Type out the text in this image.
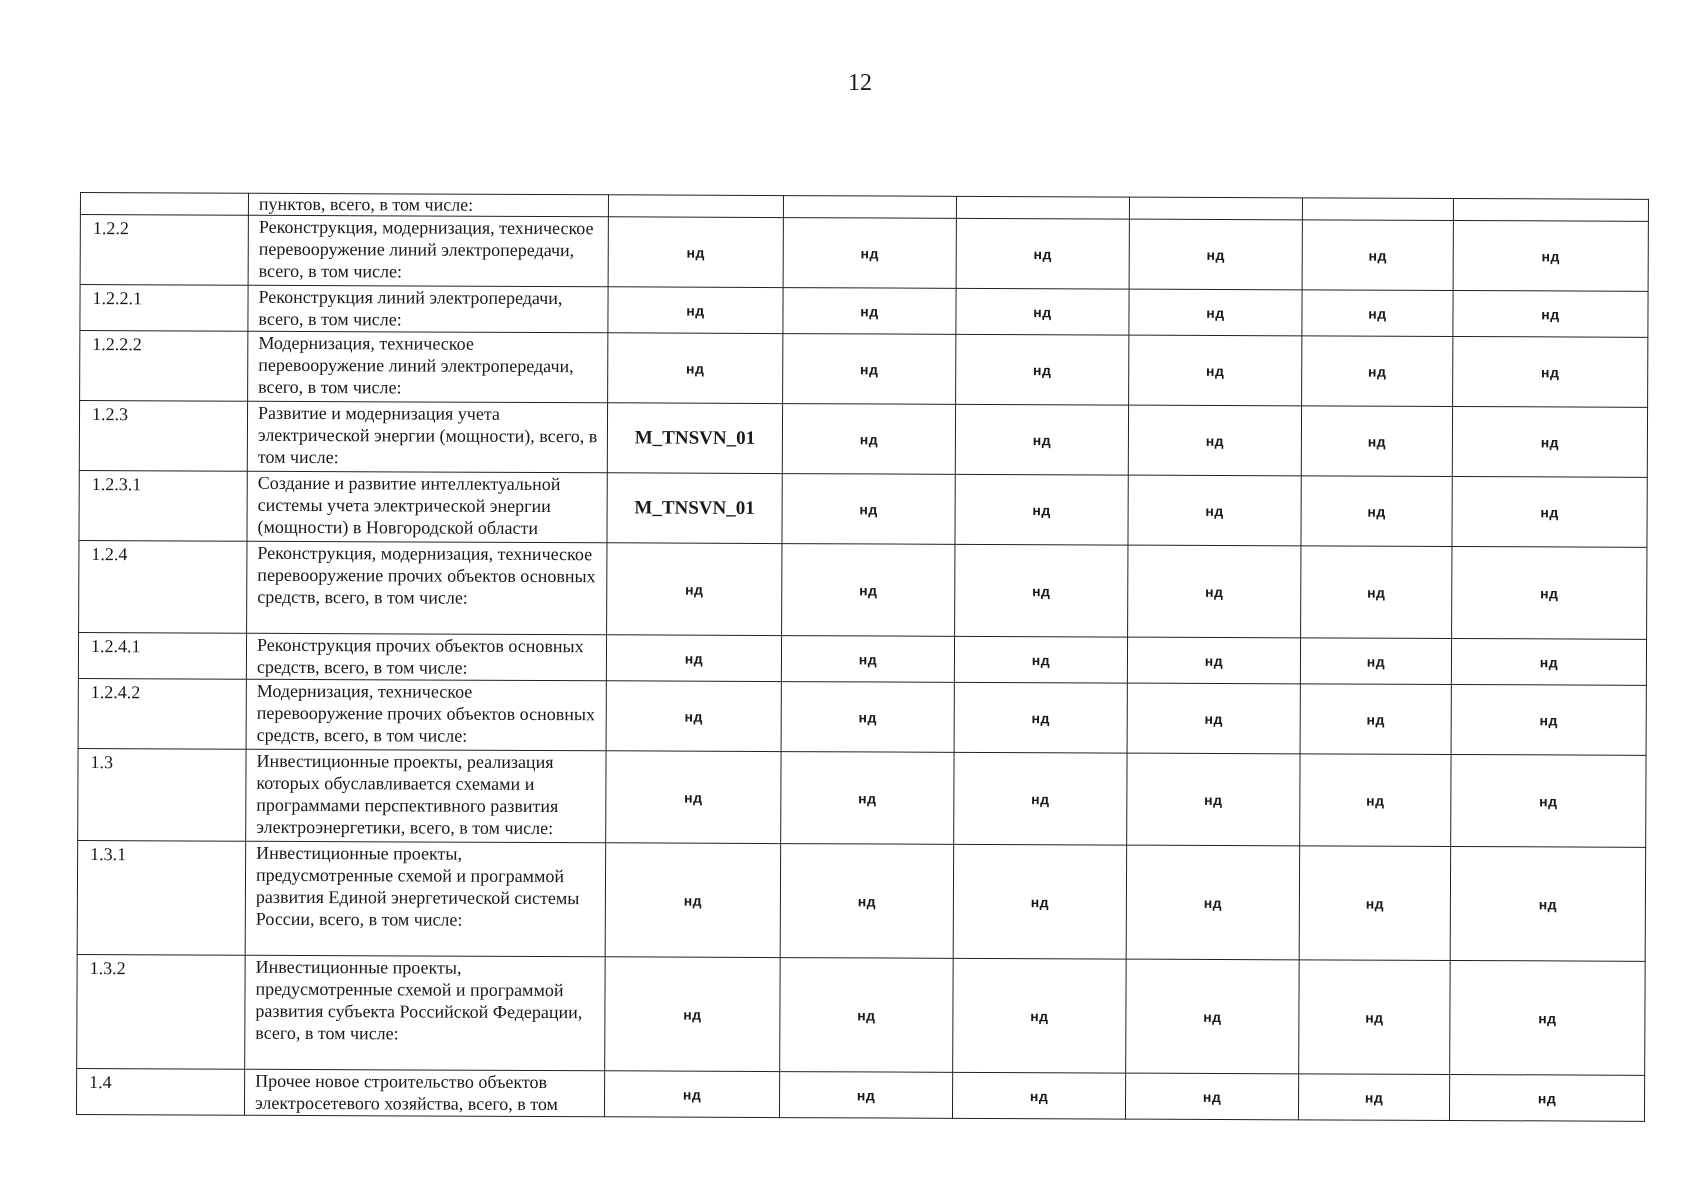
12
	пунктов, всего, в том числе:						
1.2.2	Реконструкция, модернизация, техническое перевооружение линий электропередачи, всего, в том числе:	нд	нд	нд	нд	нд	нд
1.2.2.1	Реконструкция линий электропередачи, всего, в том числе:	нд	нд	нд	нд	нд	нд
1.2.2.2	Модернизация, техническое перевооружение линий электропередачи, всего, в том числе:	нд	нд	нд	нд	нд	нд
1.2.3	Развитие и модернизация учета электрической энергии (мощности), всего, в том числе:	M_TNSVN_01	нд	нд	нд	нд	нд
1.2.3.1	Создание и развитие интеллектуальной системы учета электрической энергии (мощности) в Новгородской области	M_TNSVN_01	нд	нд	нд	нд	нд
1.2.4	Реконструкция, модернизация, техническое перевооружение прочих объектов основных средств, всего, в том числе:	нд	нд	нд	нд	нд	нд
1.2.4.1	Реконструкция прочих объектов основных средств, всего, в том числе:	нд	нд	нд	нд	нд	нд
1.2.4.2	Модернизация, техническое перевооружение прочих объектов основных средств, всего, в том числе:	нд	нд	нд	нд	нд	нд
1.3	Инвестиционные проекты, реализация которых обуславливается схемами и программами перспективного развития электроэнергетики, всего, в том числе:	нд	нд	нд	нд	нд	нд
1.3.1	Инвестиционные проекты, предусмотренные схемой и программой развития Единой энергетической системы России, всего, в том числе:	нд	нд	нд	нд	нд	нд
1.3.2	Инвестиционные проекты, предусмотренные схемой и программой развития субъекта Российской Федерации, всего, в том числе:	нд	нд	нд	нд	нд	нд
1.4	Прочее новое строительство объектов электросетевого хозяйства, всего, в том	нд	нд	нд	нд	нд	нд
